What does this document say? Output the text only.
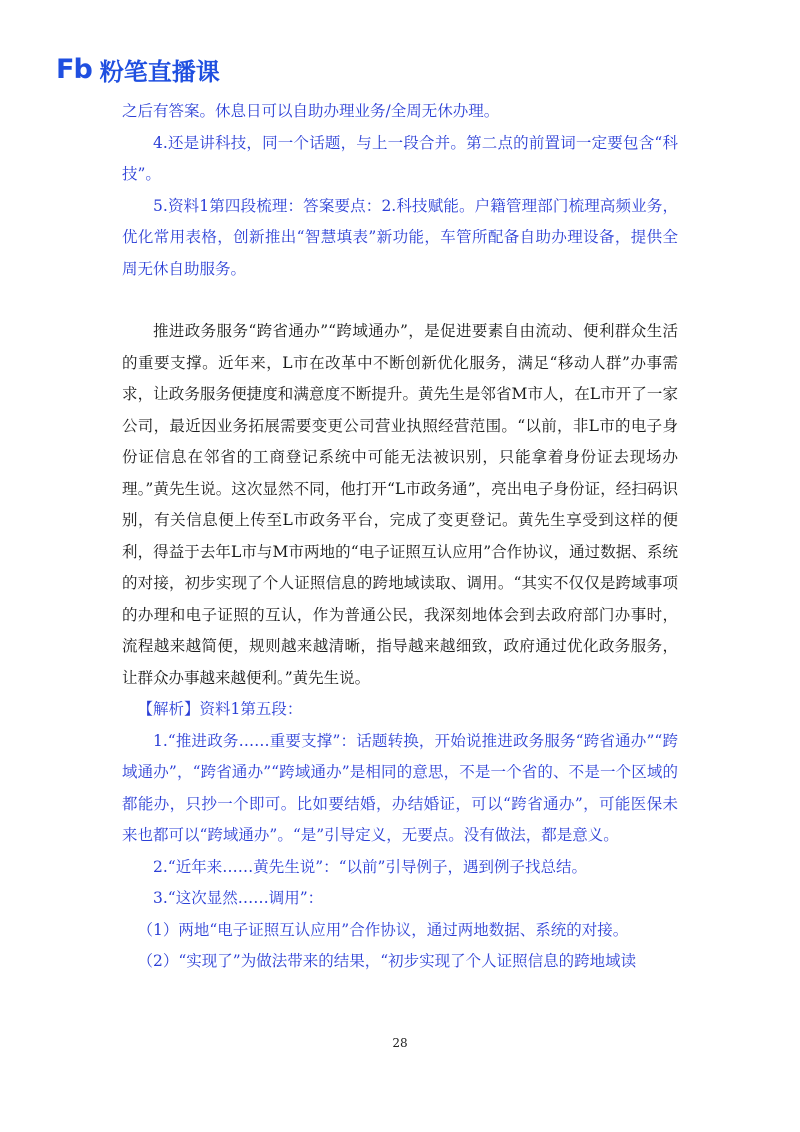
Fb 粉笔直播课

之后有答案。休息日可以自助办理业务/全周无休办理。

4.还是讲科技，同一个话题，与上一段合并。第二点的前置词一定要包含“科技”。

5.资料1第四段梳理：答案要点：2.科技赋能。户籍管理部门梳理高频业务，优化常用表格，创新推出“智慧填表”新功能，车管所配备自助办理设备，提供全周无休自助服务。

推进政务服务“跨省通办”“跨域通办”，是促进要素自由流动、便利群众生活的重要支撑。近年来，L市在改革中不断创新优化服务，满足“移动人群”办事需求，让政务服务便捷度和满意度不断提升。黄先生是邻省M市人，在L市开了一家公司，最近因业务拓展需要变更公司营业执照经营范围。“以前，非L市的电子身份证信息在邻省的工商登记系统中可能无法被识别，只能拿着身份证去现场办理。”黄先生说。这次显然不同，他打开“L市政务通”，亮出电子身份证，经扫码识别，有关信息便上传至L市政务平台，完成了变更登记。黄先生享受到这样的便利，得益于去年L市与M市两地的“电子证照互认应用”合作协议，通过数据、系统的对接，初步实现了个人证照信息的跨地域读取、调用。“其实不仅仅是跨域事项的办理和电子证照的互认，作为普通公民，我深刻地体会到去政府部门办事时，流程越来越简便，规则越来越清晰，指导越来越细致，政府通过优化政务服务，让群众办事越来越便利。”黄先生说。

【解析】资料1第五段：

1.“推进政务……重要支撑”：话题转换，开始说推进政务服务“跨省通办”“跨域通办”，“跨省通办”“跨域通办”是相同的意思，不是一个省的、不是一个区域的都能办，只抄一个即可。比如要结婚，办结婚证，可以“跨省通办”，可能医保未来也都可以“跨域通办”。“是”引导定义，无要点。没有做法，都是意义。

2.“近年来……黄先生说”：“以前”引导例子，遇到例子找总结。

3.“这次显然……调用”：

（1）两地“电子证照互认应用”合作协议，通过两地数据、系统的对接。

（2）“实现了”为做法带来的结果，“初步实现了个人证照信息的跨地域读

28
